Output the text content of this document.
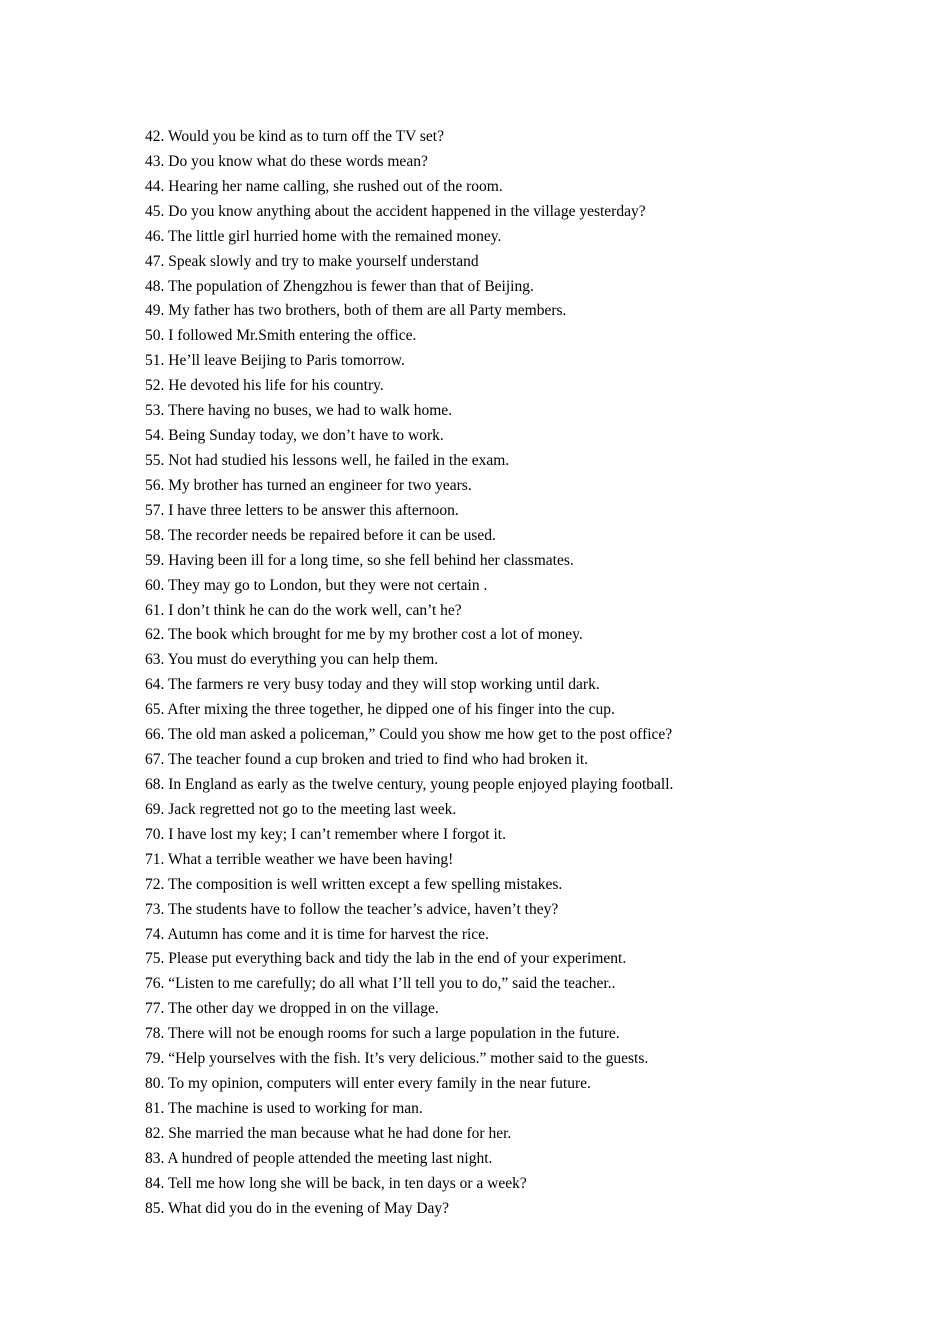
42. Would you be kind as to turn off the TV set?
43. Do you know what do these words mean?
44. Hearing her name calling, she rushed out of the room.
45. Do you know anything about the accident happened in the village yesterday?
46. The little girl hurried home with the remained money.
47. Speak slowly and try to make yourself understand
48. The population of Zhengzhou is fewer than that of Beijing.
49. My father has two brothers, both of them are all Party members.
50. I followed Mr.Smith entering the office.
51. He’ll leave Beijing to Paris tomorrow.
52. He devoted his life for his country.
53. There having no buses, we had to walk home.
54. Being Sunday today, we don’t have to work.
55. Not had studied his lessons well, he failed in the exam.
56. My brother has turned an engineer for two years.
57. I have three letters to be answer this afternoon.
58. The recorder needs be repaired before it can be used.
59. Having been ill for a long time, so she fell behind her classmates.
60. They may go to London, but they were not certain .
61. I don’t think he can do the work well, can’t he?
62. The book which brought for me by my brother cost a lot of money.
63. You must do everything you can help them.
64. The farmers re very busy today and they will stop working until dark.
65. After mixing the three together, he dipped one of his finger into the cup.
66. The old man asked a policeman,” Could you show me how get to the post office?
67. The teacher found a cup broken and tried to find who had broken it.
68. In England as early as the twelve century, young people enjoyed playing football.
69. Jack regretted not go to the meeting last week.
70. I have lost my key; I can’t remember where I forgot it.
71. What a terrible weather we have been having!
72. The composition is well written except a few spelling mistakes.
73. The students have to follow the teacher’s advice, haven’t they?
74. Autumn has come and it is time for harvest the rice.
75. Please put everything back and tidy the lab in the end of your experiment.
76. “Listen to me carefully; do all what I’ll tell you to do,” said the teacher..
77. The other day we dropped in on the village.
78. There will not be enough rooms for such a large population in the future.
79. “Help yourselves with the fish. It’s very delicious.” mother said to the guests.
80. To my opinion, computers will enter every family in the near future.
81. The machine is used to working for man.
82. She married the man because what he had done for her.
83. A hundred of people attended the meeting last night.
84. Tell me how long she will be back, in ten days or a week?
85. What did you do in the evening of May Day?
